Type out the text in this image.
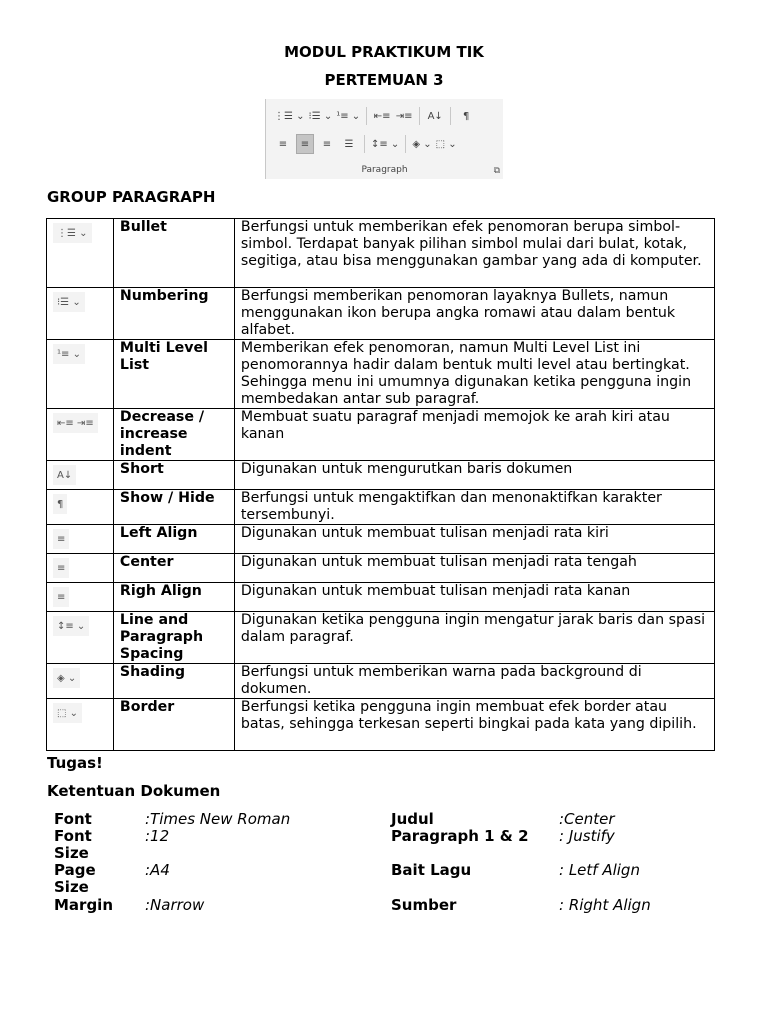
MODUL PRAKTIKUM TIK
PERTEMUAN 3
⋮☰ ⌄ ⁝☰ ⌄ ¹≡ ⌄ ⇤≡ ⇥≡ A↓	¶
≡	≡	≡	☰	↕≡ ⌄ ◈ ⌄ ⬚ ⌄
Paragraph	⧉
GROUP PARAGRAPH
⋮☰ ⌄	Bullet	Berfungsi untuk memberikan efek penomoran berupa simbol-simbol. Terdapat banyak pilihan simbol mulai dari bulat, kotak, segitiga, atau bisa menggunakan gambar yang ada di komputer.
⁝☰ ⌄	Numbering	Berfungsi memberikan penomoran layaknya Bullets, namun menggunakan ikon berupa angka romawi atau dalam bentuk alfabet.
¹≡ ⌄	Multi Level List	Memberikan efek penomoran, namun Multi Level List ini penomorannya hadir dalam bentuk multi level atau bertingkat. Sehingga menu ini umumnya digunakan ketika pengguna ingin membedakan antar sub paragraf.
⇤≡ ⇥≡	Decrease / increase indent	Membuat suatu paragraf menjadi memojok ke arah kiri atau kanan
A↓	Short	Digunakan untuk mengurutkan baris dokumen
¶	Show / Hide	Berfungsi untuk mengaktifkan dan menonaktifkan karakter tersembunyi.
≡	Left Align	Digunakan untuk membuat tulisan menjadi rata kiri
≡	Center	Digunakan untuk membuat tulisan menjadi rata tengah
≡	Righ Align	Digunakan untuk membuat tulisan menjadi rata kanan
↕≡ ⌄	Line and Paragraph Spacing	Digunakan ketika pengguna ingin mengatur jarak baris dan spasi dalam paragraf.
◈ ⌄	Shading	Berfungsi untuk memberikan warna pada background di dokumen.
⬚ ⌄	Border	Berfungsi ketika pengguna ingin membuat efek border atau batas, sehingga terkesan seperti bingkai pada kata yang dipilih.
Tugas!
Ketentuan Dokumen
Font	:Times New Roman
Font Size
:12
Page Size
:A4
Margin :Narrow
Judul	:Center
Paragraph 1 & 2 : Justify
Bait Lagu	: Letf Align
Sumber	: Right Align
